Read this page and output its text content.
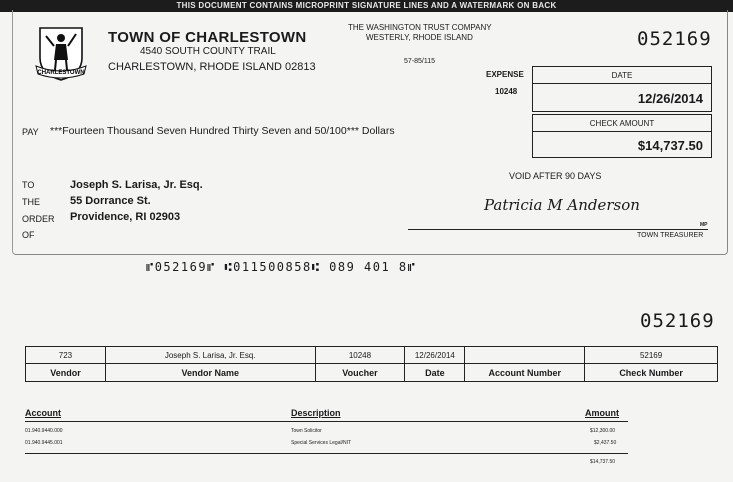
THIS DOCUMENT CONTAINS MICROPRINT SIGNATURE LINES AND A WATERMARK ON BACK
CHARLESTOWN
TOWN OF CHARLESTOWN
4540 SOUTH COUNTY TRAIL
CHARLESTOWN, RHODE ISLAND 02813
THE WASHINGTON TRUST COMPANY
WESTERLY, RHODE ISLAND
57-85/115
052169
EXPENSE
10248
DATE
12/26/2014
CHECK AMOUNT
$14,737.50
PAY ***Fourteen Thousand Seven Hundred Thirty Seven and 50/100*** Dollars
VOID AFTER 90 DAYS
TO
THE
ORDER
OF
Joseph S. Larisa, Jr. Esq.
55 Dorrance St.
Providence, RI 02903
Patricia M Anderson
MP
TOWN TREASURER
⑈052169⑈ ⑆011500858⑆ 089 401 8⑈
052169
723	Joseph S. Larisa, Jr. Esq.	10248	12/26/2014		52169
Vendor	Vendor Name	Voucher	Date	Account Number	Check Number
Account	Description	Amount
01.940.9440.000	Town Solicitor	$12,300.00
01.940.9445.001	Special Services Legal/NIT	$2,437.50
$14,737.50
